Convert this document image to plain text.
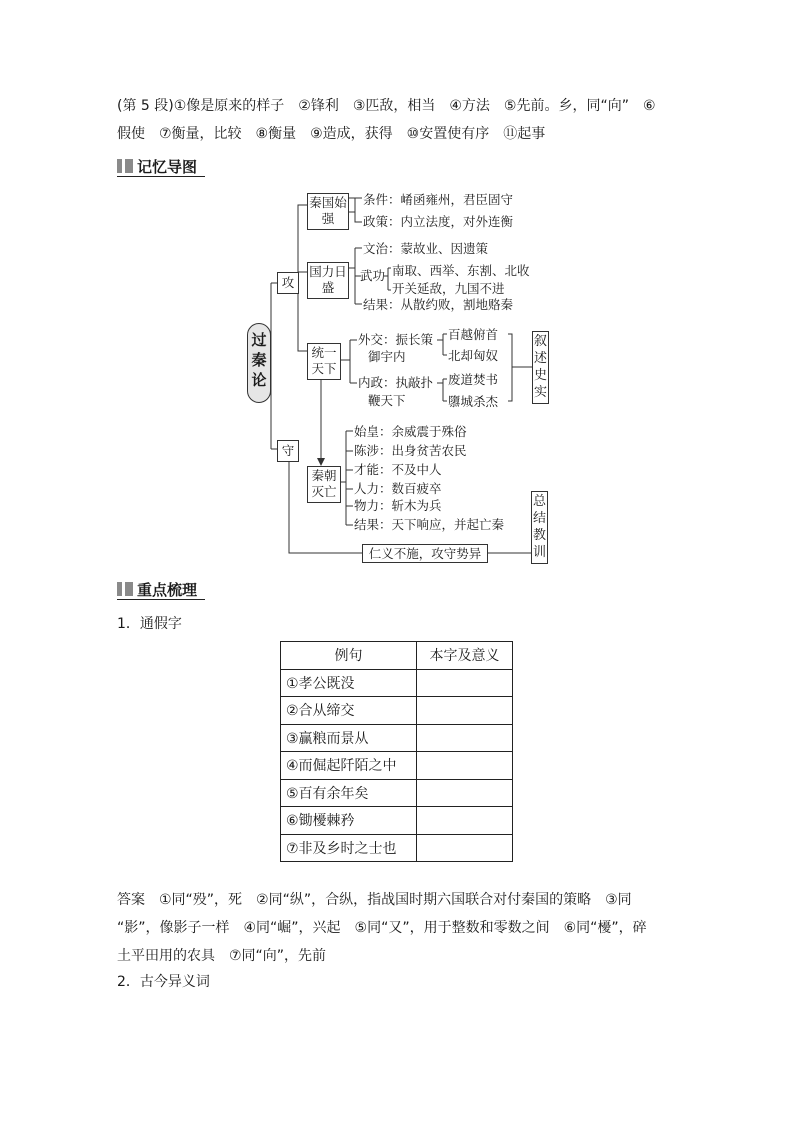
(第 5 段)①像是原来的样子　②锋利　③匹敌，相当　④方法　⑤先前。乡，同“向”　⑥
假使　⑦衡量，比较　⑧衡量　⑨造成，获得　⑩安置使有序　⑪起事
记忆导图
过秦论
攻
守
秦国始强
条件：崤函雍州，君臣固守
政策：内立法度，对外连衡
国力日盛
文治：蒙故业、因遗策
武功 南取、西举、东割、北收
开关延敌，九国不进
结果：从散约败，割地赂秦
统一天下
外交：振长策
御宇内
百越俯首
北却匈奴
内政：执敲扑
鞭天下
废道焚书
隳城杀杰
叙述史实
秦朝灭亡
始皇：余威震于殊俗
陈涉：出身贫苦农民
才能：不及中人
人力：数百疲卒
物力：斩木为兵
结果：天下响应，并起亡秦
仁义不施，攻守势异
总结教训
重点梳理
1．通假字
例句	本字及意义
①孝公既没	
②合从缔交	
③赢粮而景从	
④而倔起阡陌之中	
⑤百有余年矣	
⑥锄櫌棘矜	
⑦非及乡时之士也	
答案　①同“殁”，死　②同“纵”，合纵，指战国时期六国联合对付秦国的策略　③同
“影”，像影子一样　④同“崛”，兴起　⑤同“又”，用于整数和零数之间　⑥同“櫌”，碎
土平田用的农具　⑦同“向”，先前
2．古今异义词
